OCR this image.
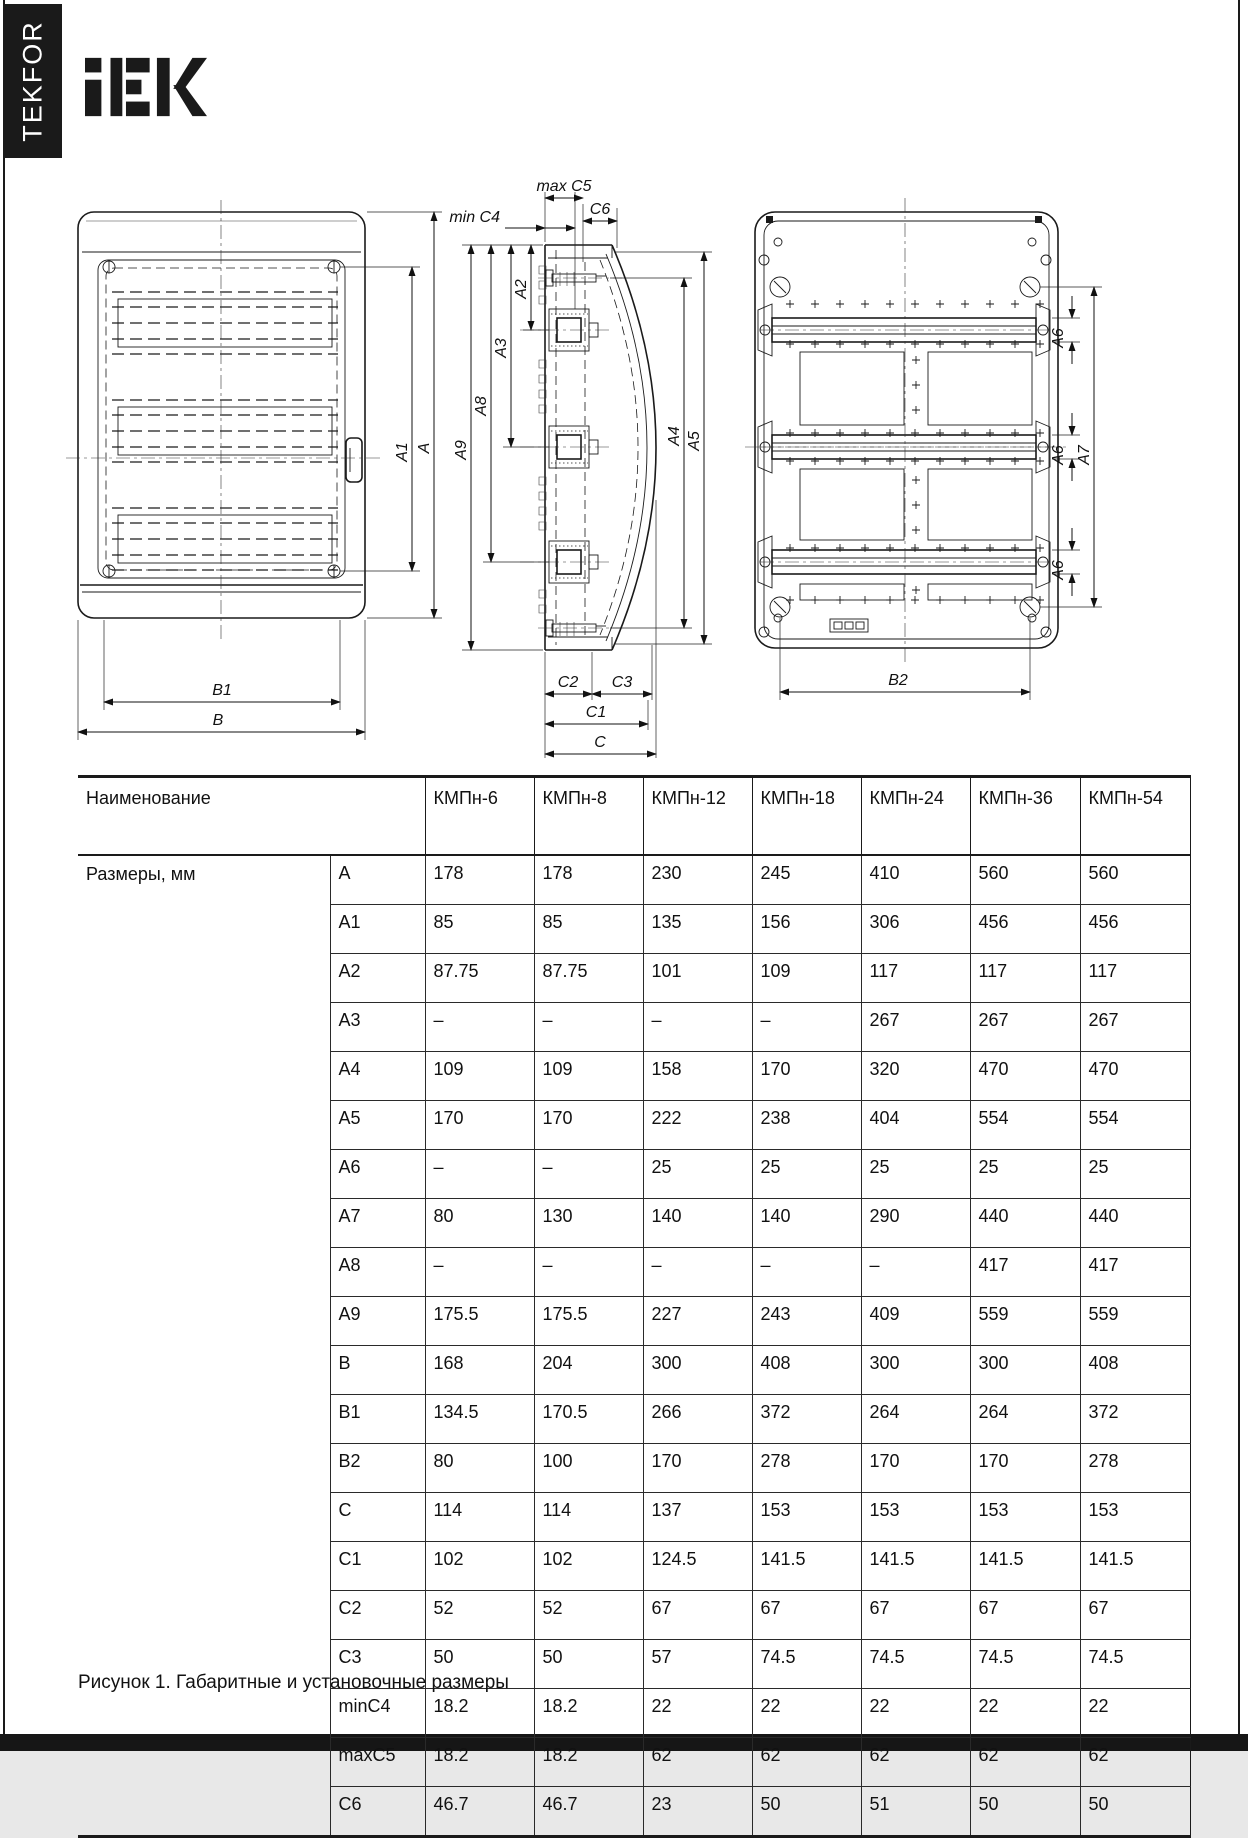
TEKFOR
A1 A
B1
B
max C5
min C4	C6
A2
A3
A8
A9
A4 A5
C2 C3
C1
C
A6
A6
A6
A7
B2
Наименование		КМПн-6	КМПн-8	КМПн-12	КМПн-18	КМПн-24	КМПн-36	КМПн-54
Размеры, мм	A	178	178	230	245	410	560	560
	A1	85	85	135	156	306	456	456
	A2	87.75	87.75	101	109	117	117	117
	A3	–	–	–	–	267	267	267
	A4	109	109	158	170	320	470	470
	A5	170	170	222	238	404	554	554
	A6	–	–	25	25	25	25	25
	A7	80	130	140	140	290	440	440
	A8	–	–	–	–	–	417	417
	A9	175.5	175.5	227	243	409	559	559
	B	168	204	300	408	300	300	408
	B1	134.5	170.5	266	372	264	264	372
	B2	80	100	170	278	170	170	278
	C	114	114	137	153	153	153	153
	C1	102	102	124.5	141.5	141.5	141.5	141.5
	C2	52	52	67	67	67	67	67
	C3	50	50	57	74.5	74.5	74.5	74.5
	minC4	18.2	18.2	22	22	22	22	22
	maxC5	18.2	18.2	62	62	62	62	62
	C6	46.7	46.7	23	50	51	50	50
Рисунок 1. Габаритные и установочные размеры
